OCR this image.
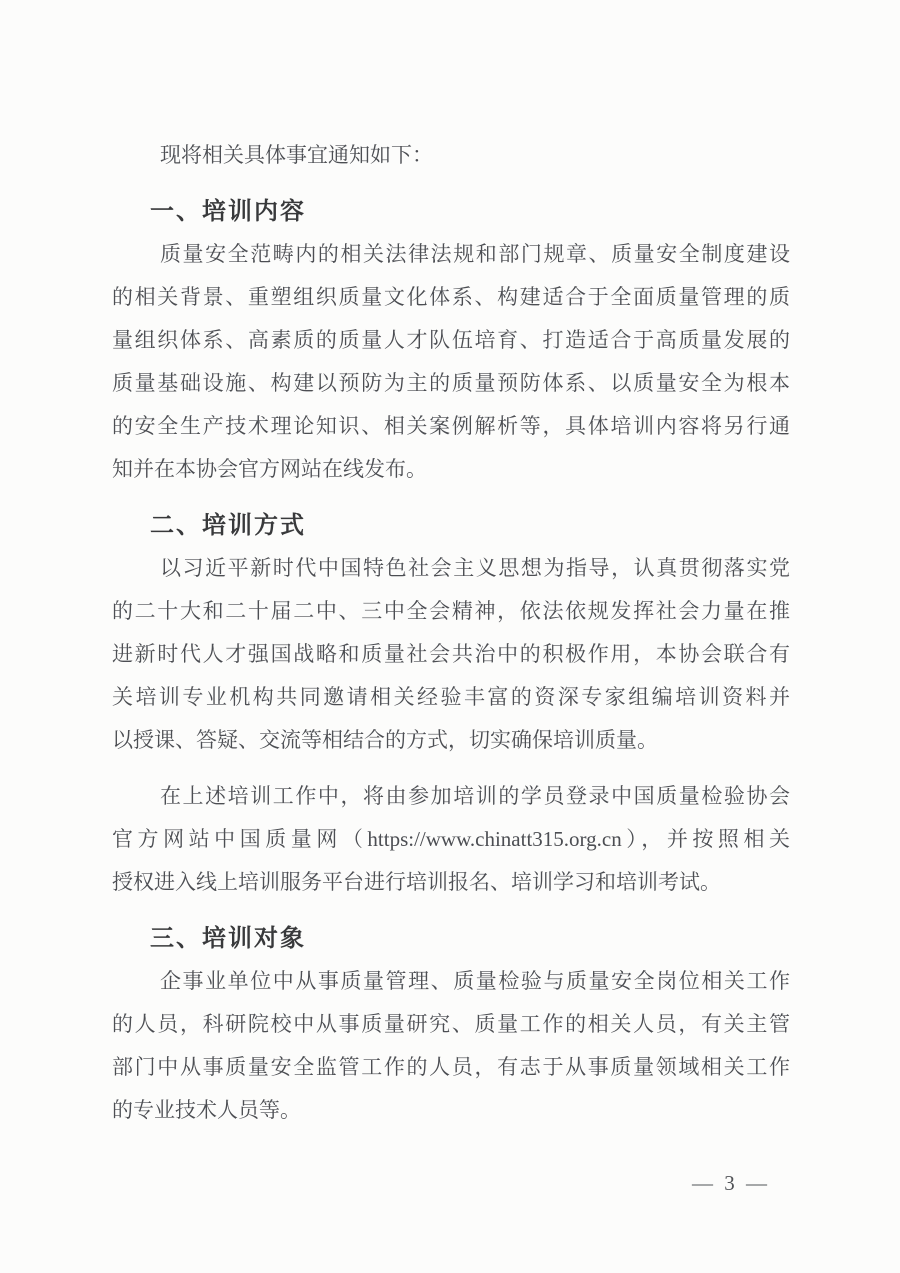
现将相关具体事宜通知如下：
一、培训内容
质量安全范畴内的相关法律法规和部门规章、质量安全制度建设
的相关背景、重塑组织质量文化体系、构建适合于全面质量管理的质
量组织体系、高素质的质量人才队伍培育、打造适合于高质量发展的
质量基础设施、构建以预防为主的质量预防体系、以质量安全为根本
的安全生产技术理论知识、相关案例解析等，具体培训内容将另行通
知并在本协会官方网站在线发布。
二、培训方式
以习近平新时代中国特色社会主义思想为指导，认真贯彻落实党
的二十大和二十届二中、三中全会精神，依法依规发挥社会力量在推
进新时代人才强国战略和质量社会共治中的积极作用，本协会联合有
关培训专业机构共同邀请相关经验丰富的资深专家组编培训资料并
以授课、答疑、交流等相结合的方式，切实确保培训质量。
在上述培训工作中，将由参加培训的学员登录中国质量检验协会
官方网站中国质量网（https://www.chinatt315.org.cn），并按照相关
授权进入线上培训服务平台进行培训报名、培训学习和培训考试。
三、培训对象
企事业单位中从事质量管理、质量检验与质量安全岗位相关工作
的人员，科研院校中从事质量研究、质量工作的相关人员，有关主管
部门中从事质量安全监管工作的人员，有志于从事质量领域相关工作
的专业技术人员等。
— 3 —
